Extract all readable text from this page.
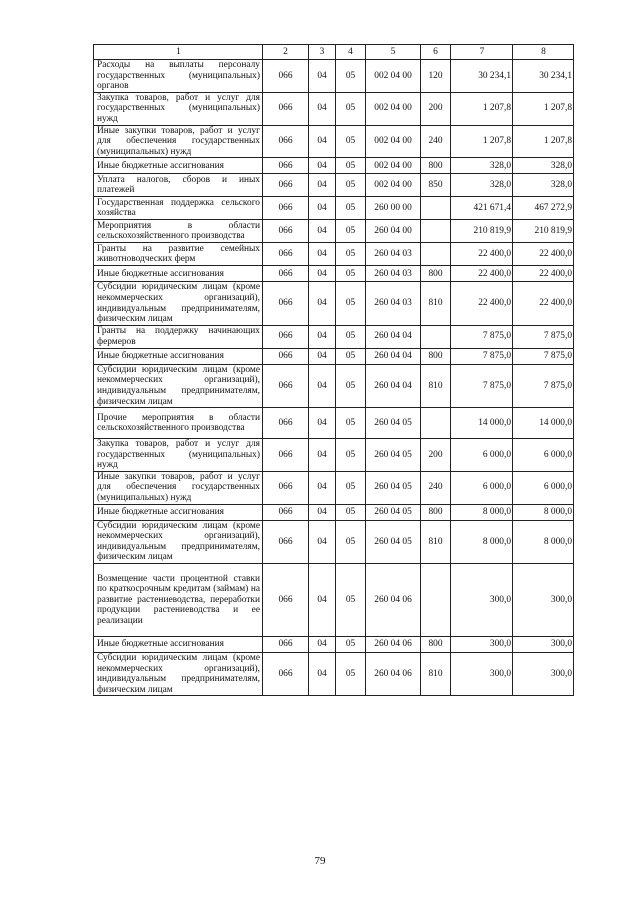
1	2	3	4	5	6	7	8
Расходы на выплаты персоналу государственных (муниципальных) органов	066	04	05	002 04 00	120	30 234,1	30 234,1
Закупка товаров, работ и услуг для государственных (муниципальных) нужд	066	04	05	002 04 00	200	1 207,8	1 207,8
Иные закупки товаров, работ и услуг для обеспечения государственных (муниципальных) нужд	066	04	05	002 04 00	240	1 207,8	1 207,8
Иные бюджетные ассигнования	066	04	05	002 04 00	800	328,0	328,0
Уплата налогов, сборов и иных платежей	066	04	05	002 04 00	850	328,0	328,0
Государственная поддержка сельского хозяйства	066	04	05	260 00 00		421 671,4	467 272,9
Мероприятия в области сельскохозяйственного производства	066	04	05	260 04 00		210 819,9	210 819,9
Гранты на развитие семейных животноводческих ферм	066	04	05	260 04 03		22 400,0	22 400,0
Иные бюджетные ассигнования	066	04	05	260 04 03	800	22 400,0	22 400,0
Субсидии юридическим лицам (кроме некоммерческих организаций), индивидуальным предпринимателям, физическим лицам	066	04	05	260 04 03	810	22 400,0	22 400,0
Гранты на поддержку начинающих фермеров	066	04	05	260 04 04		7 875,0	7 875,0
Иные бюджетные ассигнования	066	04	05	260 04 04	800	7 875,0	7 875,0
Субсидии юридическим лицам (кроме некоммерческих организаций), индивидуальным предпринимателям, физическим лицам	066	04	05	260 04 04	810	7 875,0	7 875,0
Прочие мероприятия в области сельскохозяйственного производства	066	04	05	260 04 05		14 000,0	14 000,0
Закупка товаров, работ и услуг для государственных (муниципальных) нужд	066	04	05	260 04 05	200	6 000,0	6 000,0
Иные закупки товаров, работ и услуг для обеспечения государственных (муниципальных) нужд	066	04	05	260 04 05	240	6 000,0	6 000,0
Иные бюджетные ассигнования	066	04	05	260 04 05	800	8 000,0	8 000,0
Субсидии юридическим лицам (кроме некоммерческих организаций), индивидуальным предпринимателям, физическим лицам	066	04	05	260 04 05	810	8 000,0	8 000,0
Возмещение части процентной ставки по краткосрочным кредитам (займам) на развитие растениеводства, переработки продукции растениеводства и ее реализации	066	04	05	260 04 06		300,0	300,0
Иные бюджетные ассигнования	066	04	05	260 04 06	800	300,0	300,0
Субсидии юридическим лицам (кроме некоммерческих организаций), индивидуальным предпринимателям, физическим лицам	066	04	05	260 04 06	810	300,0	300,0
79
